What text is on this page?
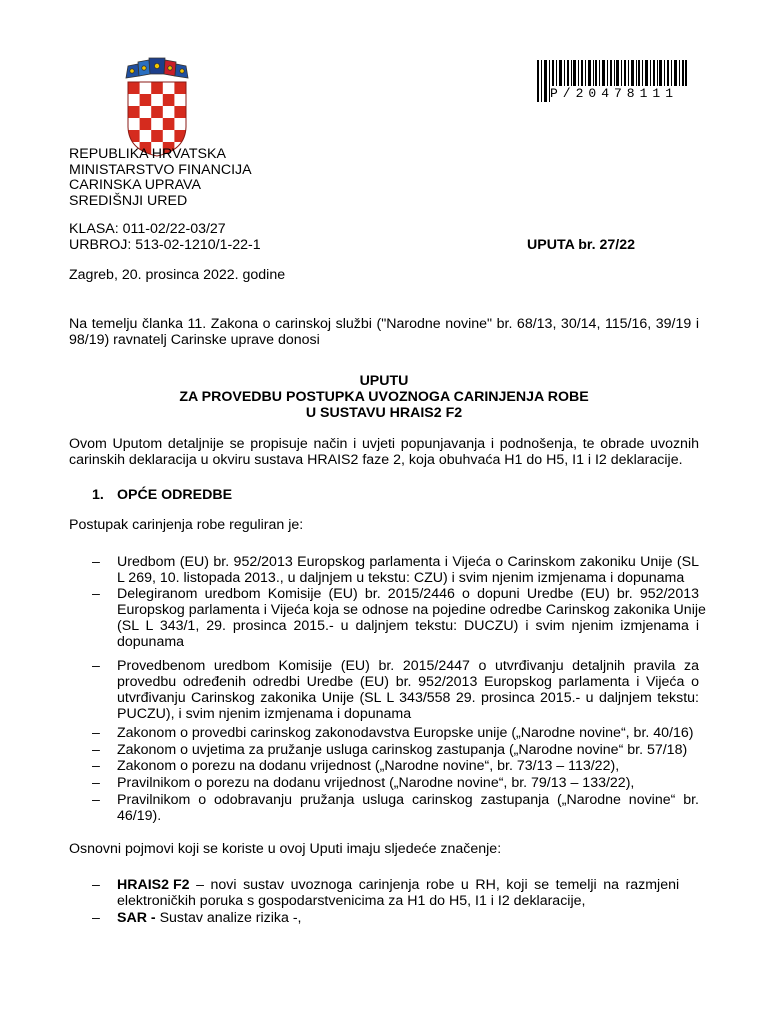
P/20478111
REPUBLIKA HRVATSKA
MINISTARSTVO FINANCIJA
CARINSKA UPRAVA
SREDIŠNJI URED
KLASA: 011-02/22-03/27
URBROJ: 513-02-1210/1-22-1	UPUTA br. 27/22
Zagreb, 20. prosinca 2022. godine
Na temelju članka 11. Zakona o carinskoj službi ("Narodne novine" br. 68/13, 30/14, 115/16, 39/19 i
98/19) ravnatelj Carinske uprave donosi
UPUTU
ZA PROVEDBU POSTUPKA UVOZNOGA CARINJENJA ROBE
U SUSTAVU HRAIS2 F2
Ovom Uputom detaljnije se propisuje način i uvjeti popunjavanja i podnošenja, te obrade uvoznih
carinskih deklaracija u okviru sustava HRAIS2 faze 2, koja obuhvaća H1 do H5, I1 i I2 deklaracije.
1. OPĆE ODREDBE
Postupak carinjenja robe reguliran je:
– Uredbom (EU) br. 952/2013 Europskog parlamenta i Vijeća o Carinskom zakoniku Unije (SL
L 269, 10. listopada 2013., u daljnjem u tekstu: CZU) i svim njenim izmjenama i dopunama
– Delegiranom uredbom Komisije (EU) br. 2015/2446 o dopuni Uredbe (EU) br. 952/2013
Europskog parlamenta i Vijeća koja se odnose na pojedine odredbe Carinskog zakonika Unije
(SL L 343/1, 29. prosinca 2015.- u daljnjem tekstu: DUCZU) i svim njenim izmjenama i
dopunama
– Provedbenom uredbom Komisije (EU) br. 2015/2447 o utvrđivanju detaljnih pravila za
provedbu određenih odredbi Uredbe (EU) br. 952/2013 Europskog parlamenta i Vijeća o
utvrđivanju Carinskog zakonika Unije (SL L 343/558 29. prosinca 2015.- u daljnjem tekstu:
PUCZU), i svim njenim izmjenama i dopunama
– Zakonom o provedbi carinskog zakonodavstva Europske unije („Narodne novine“, br. 40/16)
– Zakonom o uvjetima za pružanje usluga carinskog zastupanja („Narodne novine“ br. 57/18)
– Zakonom o porezu na dodanu vrijednost („Narodne novine“, br. 73/13 – 113/22),
– Pravilnikom o porezu na dodanu vrijednost („Narodne novine“, br. 79/13 – 133/22),
– Pravilnikom o odobravanju pružanja usluga carinskog zastupanja („Narodne novine“ br.
46/19).
Osnovni pojmovi koji se koriste u ovoj Uputi imaju sljedeće značenje:
– HRAIS2 F2 – novi sustav uvoznoga carinjenja robe u RH, koji se temelji na razmjeni
elektroničkih poruka s gospodarstvenicima za H1 do H5, I1 i I2 deklaracije,
– SAR - Sustav analize rizika -,
